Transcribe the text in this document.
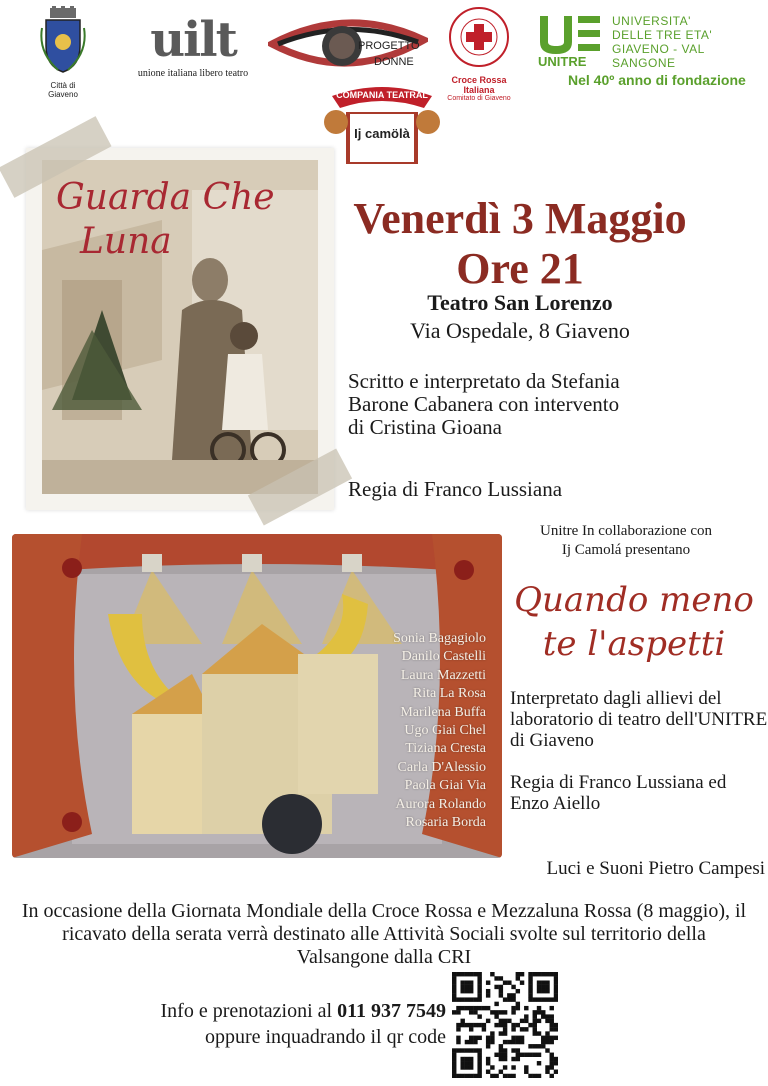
Città di Giaveno
uilt
unione italiana libero teatro
PROGETTO
DONNE
COMPANIA TEATRAL
Ij camölà
Croce Rossa Italiana
Comitato di Giaveno
UNIVERSITA'
DELLE TRE ETA'
GIAVENO - VAL SANGONE
UNITRE
Nel 40º anno di fondazione
Guarda Che
Luna	Venerdì 3 Maggio
Ore 21
Teatro San Lorenzo
Via Ospedale, 8 Giaveno
Scritto e interpretato da Stefania Barone Cabanera con intervento di Cristina Gioana
Regia di Franco Lussiana
Sonia Bagagiolo
Danilo Castelli
Laura Mazzetti
Rita La Rosa
Marilena Buffa
Ugo Giai Chel
Tiziana Cresta
Carla D'Alessio
Paola Giai Via
Aurora Rolando
Rosaria Borda
Unitre In collaborazione con
Ij Camolá presentano
Quando meno
te l'aspetti
Interpretato dagli allievi del laboratorio di teatro dell'UNITRE di Giaveno
Regia di Franco Lussiana ed Enzo Aiello
Luci e Suoni Pietro Campesi
In occasione della Giornata Mondiale della Croce Rossa e Mezzaluna Rossa (8 maggio), il ricavato della serata verrà destinato alle Attività Sociali svolte sul territorio della Valsangone dalla CRI
Info e prenotazioni al 011 937 7549
oppure inquadrando il qr code
